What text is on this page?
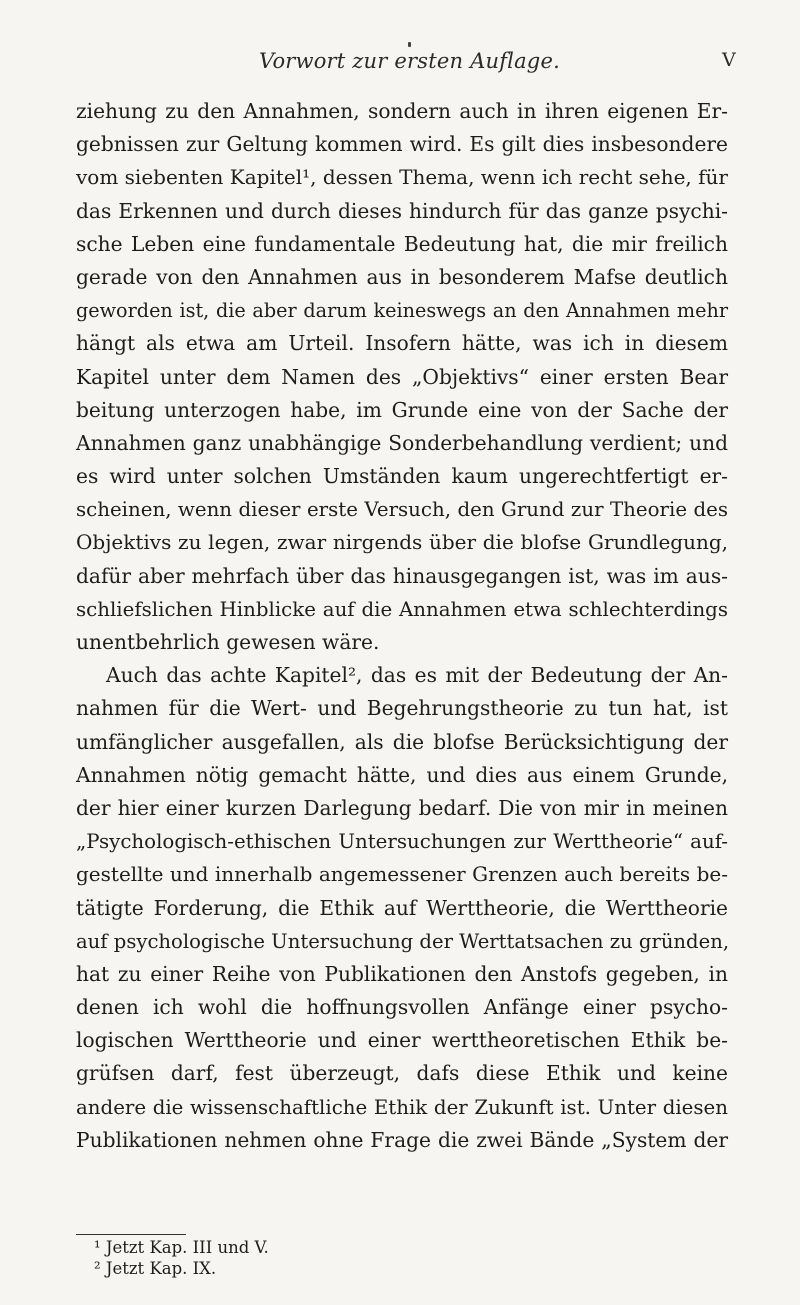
Vorwort zur ersten Auflage.	V
ziehung zu den Annahmen, sondern auch in ihren eigenen Er-
gebnissen zur Geltung kommen wird. Es gilt dies insbesondere
vom siebenten Kapitel¹, dessen Thema, wenn ich recht sehe, für
das Erkennen und durch dieses hindurch für das ganze psychi-
sche Leben eine fundamentale Bedeutung hat, die mir freilich
gerade von den Annahmen aus in besonderem Mafse deutlich
geworden ist, die aber darum keineswegs an den Annahmen mehr
hängt als etwa am Urteil. Insofern hätte, was ich in diesem
Kapitel unter dem Namen des „Objektivs“ einer ersten Bear
beitung unterzogen habe, im Grunde eine von der Sache der
Annahmen ganz unabhängige Sonderbehandlung verdient; und
es wird unter solchen Umständen kaum ungerechtfertigt er-
scheinen, wenn dieser erste Versuch, den Grund zur Theorie des
Objektivs zu legen, zwar nirgends über die blofse Grundlegung,
dafür aber mehrfach über das hinausgegangen ist, was im aus-
schliefslichen Hinblicke auf die Annahmen etwa schlechterdings
unentbehrlich gewesen wäre.
Auch das achte Kapitel², das es mit der Bedeutung der An-
nahmen für die Wert- und Begehrungstheorie zu tun hat, ist
umfänglicher ausgefallen, als die blofse Berücksichtigung der
Annahmen nötig gemacht hätte, und dies aus einem Grunde,
der hier einer kurzen Darlegung bedarf. Die von mir in meinen
„Psychologisch-ethischen Untersuchungen zur Werttheorie“ auf-
gestellte und innerhalb angemessener Grenzen auch bereits be-
tätigte Forderung, die Ethik auf Werttheorie, die Werttheorie
auf psychologische Untersuchung der Werttatsachen zu gründen,
hat zu einer Reihe von Publikationen den Anstofs gegeben, in
denen ich wohl die hoffnungsvollen Anfänge einer psycho-
logischen Werttheorie und einer werttheoretischen Ethik be-
grüfsen darf, fest überzeugt, dafs diese Ethik und keine
andere die wissenschaftliche Ethik der Zukunft ist. Unter diesen
Publikationen nehmen ohne Frage die zwei Bände „System der
¹ Jetzt Kap. III und V.
² Jetzt Kap. IX.
